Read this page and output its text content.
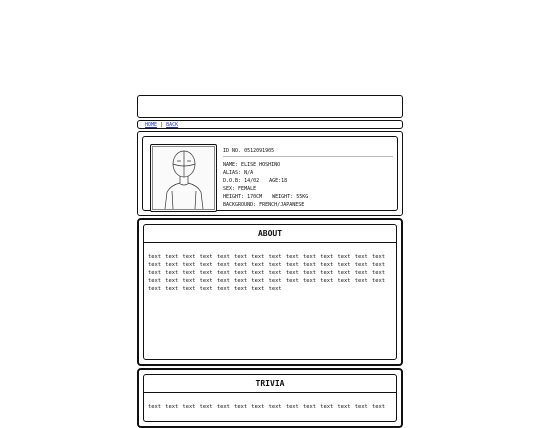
HOME | BACK
ID NO. 0512091905
NAME: ELISE HOSHINO
ALIAS: N/A
D.O.B: 14/02 AGE:18
SEX: FEMALE
HEIGHT: 170CM WEIGHT: 55KG
BACKGROUND: FRENCH/JAPANESE
ABOUT
text text text text text text text text text text text text text text
text text text text text text text text text text text text text text
text text text text text text text text text text text text text text
text text text text text text text text text text text text text text
text text text text text text text text
TRIVIA
text text text text text text text text text text text text text text
